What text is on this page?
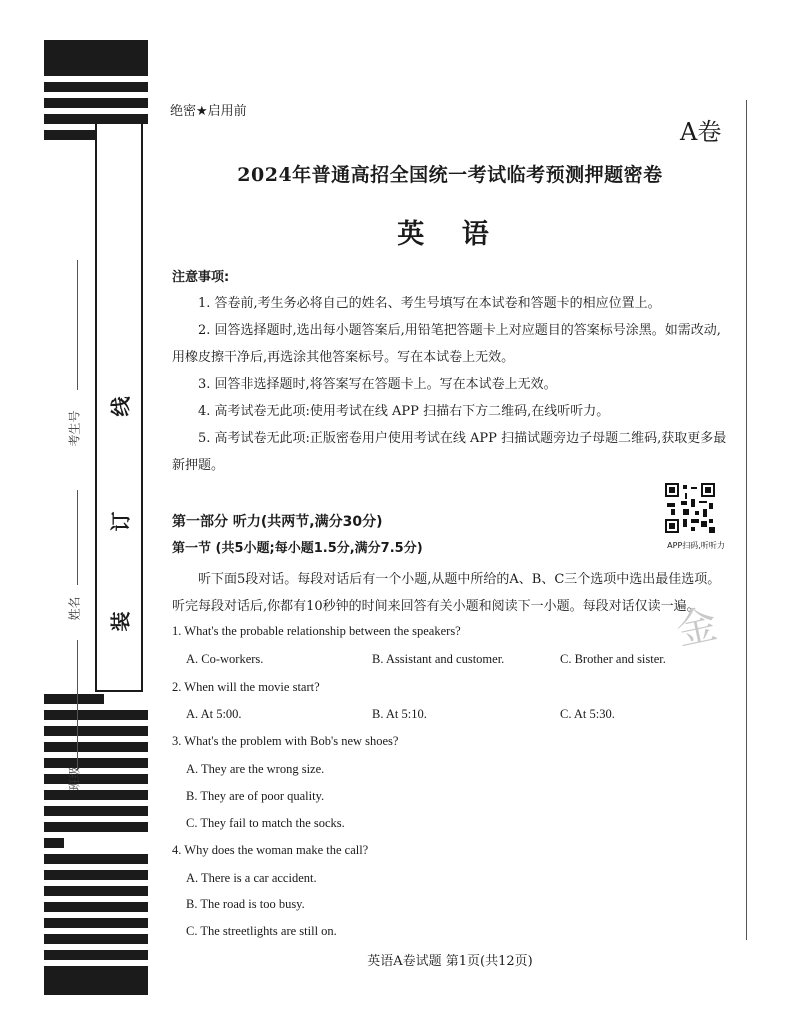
线
订
装
考生号
姓名
班级
绝密★启用前
A卷
2024年普通高招全国统一考试临考预测押题密卷
英 语
注意事项:

1. 答卷前,考生务必将自己的姓名、考生号填写在本试卷和答题卡的相应位置上。

2. 回答选择题时,选出每小题答案后,用铅笔把答题卡上对应题目的答案标号涂黑。如需改动,用橡皮擦干净后,再选涂其他答案标号。写在本试卷上无效。

3. 回答非选择题时,将答案写在答题卡上。写在本试卷上无效。

4. 高考试卷无此项:使用考试在线 APP 扫描右下方二维码,在线听听力。

5. 高考试卷无此项:正版密卷用户使用考试在线 APP 扫描试题旁边子母题二维码,获取更多最新押题。

APP扫码,听听力
第一部分 听力(共两节,满分30分)
第一节 (共5小题;每小题1.5分,满分7.5分)

听下面5段对话。每段对话后有一个小题,从题中所给的A、B、C三个选项中选出最佳选项。听完每段对话后,你都有10秒钟的时间来回答有关小题和阅读下一小题。每段对话仅读一遍。

金
1. What's the probable relationship between the speakers?
A. Co-workers.	B. Assistant and customer.	C. Brother and sister.
2. When will the movie start?
A. At 5:00.	B. At 5:10.	C. At 5:30.
3. What's the problem with Bob's new shoes?
A. They are the wrong size.
B. They are of poor quality.
C. They fail to match the socks.
4. Why does the woman make the call?
A. There is a car accident.
B. The road is too busy.
C. The streetlights are still on.
英语A卷试题 第1页(共12页)
